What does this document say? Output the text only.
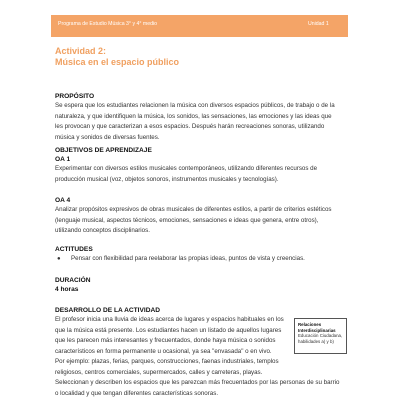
Programa de Estudio Música 3° y 4° medio	Unidad 1
Actividad 2:
Música en el espacio público
PROPÓSITO
Se espera que los estudiantes relacionen la música con diversos espacios públicos, de trabajo o de la
naturaleza, y que identifiquen la música, los sonidos, las sensaciones, las emociones y las ideas que
les provocan y que caracterizan a esos espacios. Después harán recreaciones sonoras, utilizando
música y sonidos de diversas fuentes.
OBJETIVOS DE APRENDIZAJE
OA 1
Experimentar con diversos estilos musicales contemporáneos, utilizando diferentes recursos de
producción musical (voz, objetos sonoros, instrumentos musicales y tecnologías).
OA 4
Analizar propósitos expresivos de obras musicales de diferentes estilos, a partir de criterios estéticos
(lenguaje musical, aspectos técnicos, emociones, sensaciones e ideas que genera, entre otros),
utilizando conceptos disciplinarios.
ACTITUDES
●	Pensar con flexibilidad para reelaborar las propias ideas, puntos de vista y creencias.
DURACIÓN
4 horas
DESARROLLO DE LA ACTIVIDAD
El profesor inicia una lluvia de ideas acerca de lugares y espacios habituales en los
que la música está presente. Los estudiantes hacen un listado de aquellos lugares
que les parecen más interesantes y frecuentados, donde haya música o sonidos
característicos en forma permanente u ocasional, ya sea "envasada" o en vivo.
Por ejemplo: plazas, ferias, parques, construcciones, faenas industriales, templos
religiosos, centros comerciales, supermercados, calles y carreteras, playas.
Seleccionan y describen los espacios que les parezcan más frecuentados por las personas de su barrio
o localidad y que tengan diferentes características sonoras.
Relaciones Interdisciplinarias
Educación Ciudadana,
habilidades a) y b)
